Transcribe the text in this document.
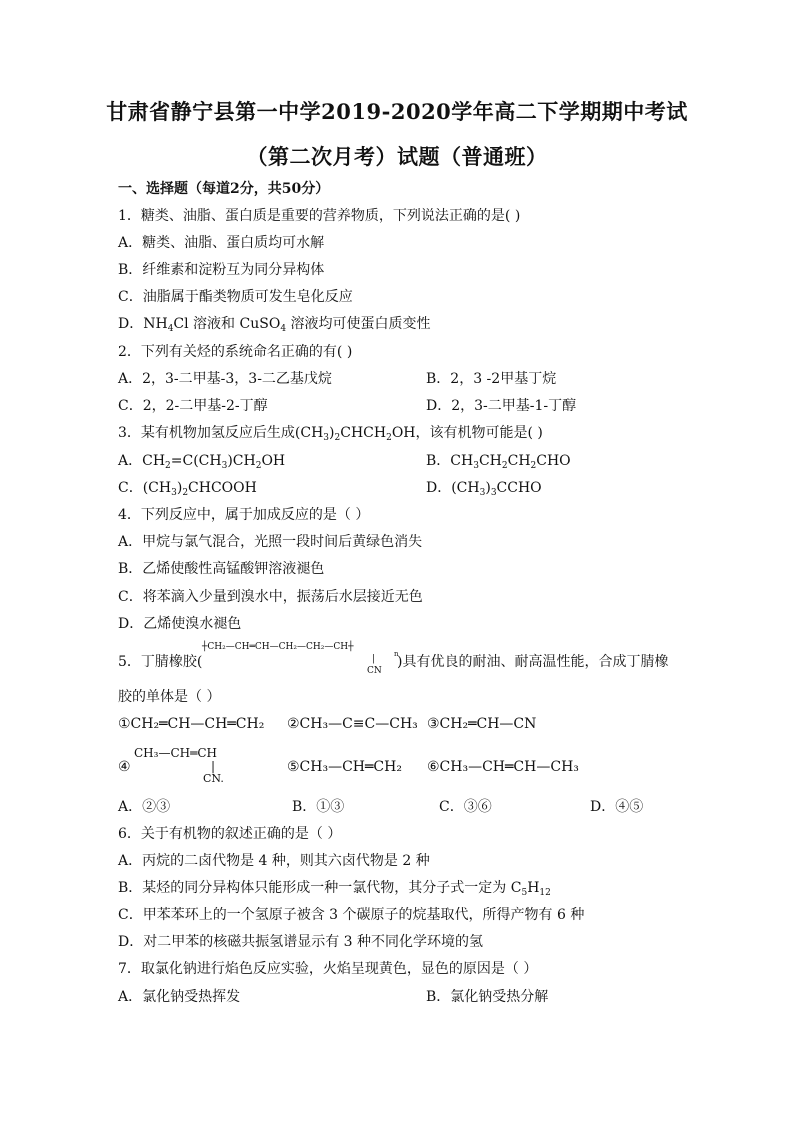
甘肃省静宁县第一中学2019-2020学年高二下学期期中考试
（第二次月考）试题（普通班）
一、选择题（每道2分，共50分）
1．糖类、油脂、蛋白质是重要的营养物质，下列说法正确的是( )
A．糖类、油脂、蛋白质均可水解
B．纤维素和淀粉互为同分异构体
C．油脂属于酯类物质可发生皂化反应
D．$NH_4Cl$ 溶液和 CuSO$_4$ 溶液均可使蛋白质变性
2．下列有关烃的系统命名正确的有( )
A．2，3-二甲基-3，3-二乙基戊烷	B．2，3 -2甲基丁烷
C．2，2-二甲基-2-丁醇	D．2，3-二甲基-1-丁醇
3．某有机物加氢反应后生成$(CH_3)_2CHCH_2OH$，该有机物可能是( )
A．$CH_2=C(CH_3)CH_2OH$	B．$CH_3CH_2CH_2CHO$
C．$(CH_3)_2CHCOOH$	D．$(CH_3)_3CCHO$
4．下列反应中，属于加成反应的是（ ）
A．甲烷与氯气混合，光照一段时间后黄绿色消失
B．乙烯使酸性高锰酸钾溶液褪色
C．将苯滴入少量到溴水中，振荡后水层接近无色
D．乙烯使溴水褪色
5．丁腈橡胶(
┼CH₂—CH═CH—CH₂—CH₂—CH┼
n
|
CN
)具有优良的耐油、耐高温性能，合成丁腈橡
胶的单体是（ ）
①CH₂═CH—CH═CH₂ ②CH₃—C≡C—CH₃ ③CH₂═CH—CN
④
CH₃—CH═CH
|
CN.
⑤CH₃—CH═CH₂ ⑥CH₃—CH═CH—CH₃
A．②③	B．①③	C．③⑥	D．④⑤
6．关于有机物的叙述正确的是（ ）
A．丙烷的二卤代物是 4 种，则其六卤代物是 2 种
B．某烃的同分异构体只能形成一种一氯代物，其分子式一定为 $C_5H_{12}$
C．甲苯苯环上的一个氢原子被含 3 个碳原子的烷基取代，所得产物有 6 种
D．对二甲苯的核磁共振氢谱显示有 3 种不同化学环境的氢
7．取氯化钠进行焰色反应实验，火焰呈现黄色，显色的原因是（ ）
A．氯化钠受热挥发	B．氯化钠受热分解
